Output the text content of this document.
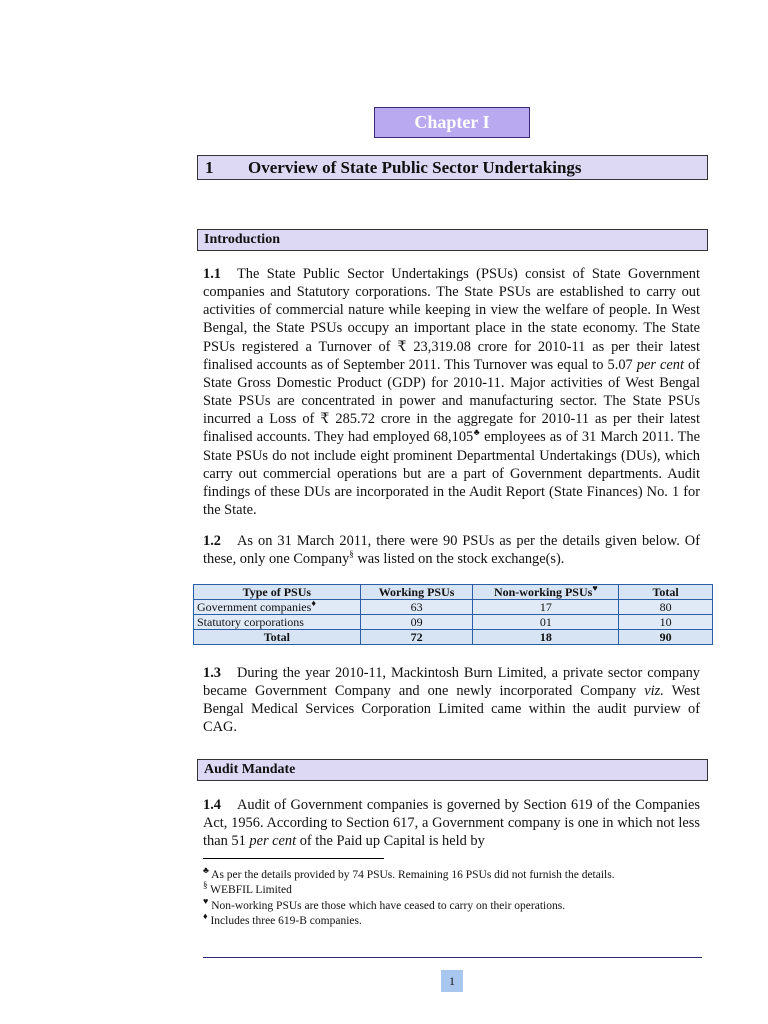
Chapter I
1 Overview of State Public Sector Undertakings
Introduction

1.1 The State Public Sector Undertakings (PSUs) consist of State Government companies and Statutory corporations. The State PSUs are established to carry out activities of commercial nature while keeping in view the welfare of people. In West Bengal, the State PSUs occupy an important place in the state economy. The State PSUs registered a Turnover of ₹ 23,319.08 crore for 2010-11 as per their latest finalised accounts as of September 2011. This Turnover was equal to 5.07 per cent of State Gross Domestic Product (GDP) for 2010-11. Major activities of West Bengal State PSUs are concentrated in power and manufacturing sector. The State PSUs incurred a Loss of ₹ 285.72 crore in the aggregate for 2010-11 as per their latest finalised accounts. They had employed 68,105♣ employees as of 31 March 2011. The State PSUs do not include eight prominent Departmental Undertakings (DUs), which carry out commercial operations but are a part of Government departments. Audit findings of these DUs are incorporated in the Audit Report (State Finances) No. 1 for the State.

1.2 As on 31 March 2011, there were 90 PSUs as per the details given below. Of these, only one Company§ was listed on the stock exchange(s).

Type of PSUs	Working PSUs	Non-working PSUs♥	Total
Government companies♦	63	17	80
Statutory corporations	09	01	10
Total	72	18	90

1.3 During the year 2010-11, Mackintosh Burn Limited, a private sector company became Government Company and one newly incorporated Company viz. West Bengal Medical Services Corporation Limited came within the audit purview of CAG.

Audit Mandate

1.4 Audit of Government companies is governed by Section 619 of the Companies Act, 1956. According to Section 617, a Government company is one in which not less than 51 per cent of the Paid up Capital is held by

♣ As per the details provided by 74 PSUs. Remaining 16 PSUs did not furnish the details.
§ WEBFIL Limited
♥ Non-working PSUs are those which have ceased to carry on their operations.
♦ Includes three 619-B companies.
1
